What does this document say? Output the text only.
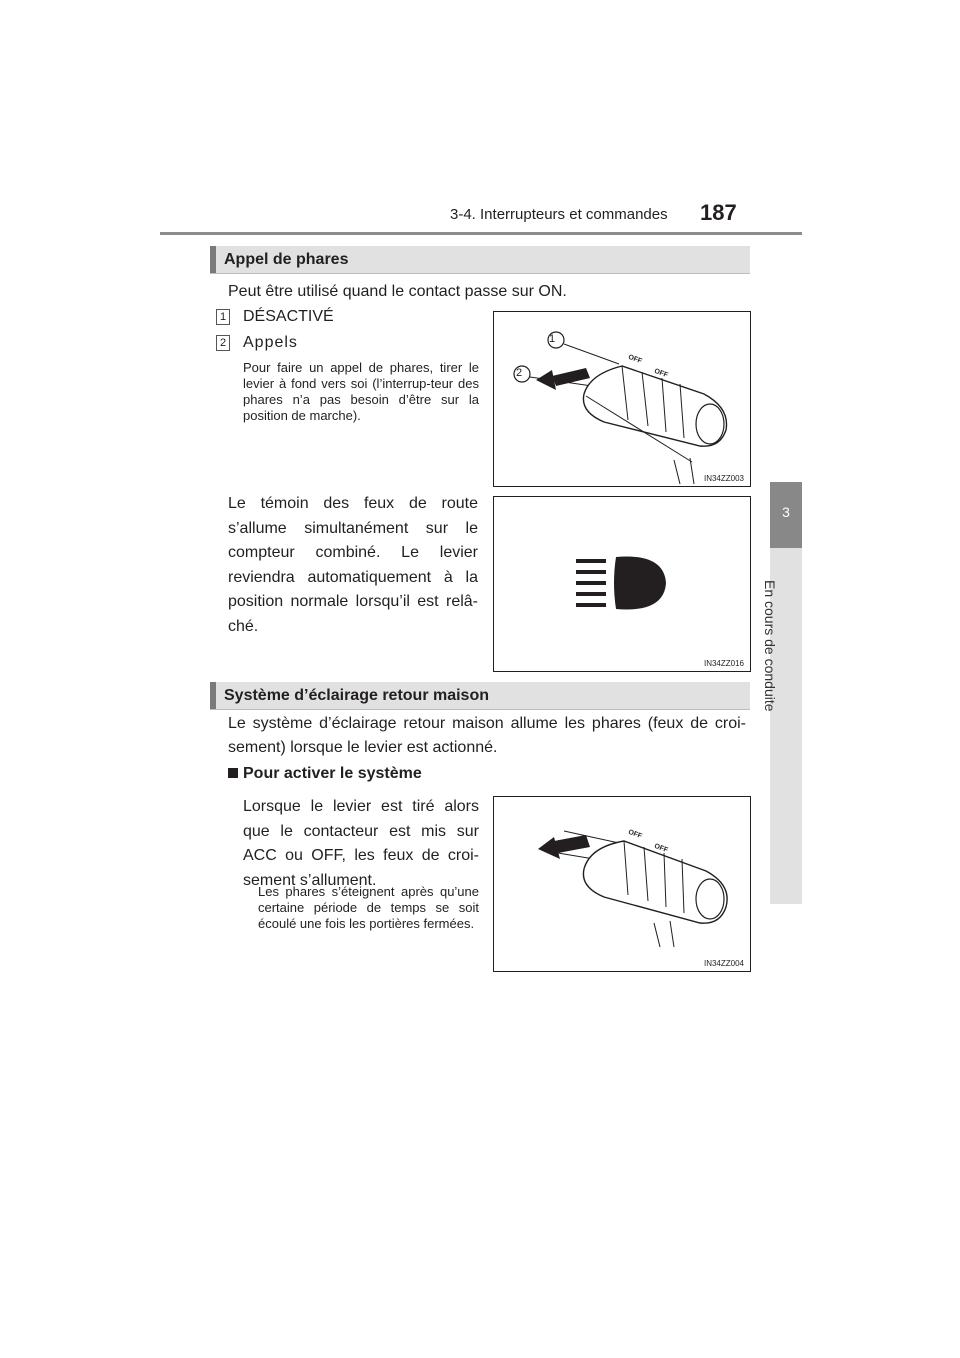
3-4. Interrupteurs et commandes 187
3
En cours de conduite
Appel de phares
Peut être utilisé quand le contact passe sur ON.
1 DÉSACTIVÉ
2 Appels
Pour faire un appel de phares, tirer le levier à fond vers soi (l’interrup-teur des phares n’a pas besoin d’être sur la position de marche).
1
2
OFF
OFF
IN34ZZ003
Le témoin des feux de route s’allume simultanément sur le compteur combiné. Le levier reviendra automatiquement à la position normale lorsqu’il est relâ-ché.
IN34ZZ016
Système d’éclairage retour maison
Le système d’éclairage retour maison allume les phares (feux de croi-sement) lorsque le levier est actionné.
Pour activer le système
Lorsque le levier est tiré alors que le contacteur est mis sur ACC ou OFF, les feux de croi-sement s’allument.
Les phares s’éteignent après qu’une certaine période de temps se soit écoulé une fois les portières fermées.
OFF
OFF
IN34ZZ004
